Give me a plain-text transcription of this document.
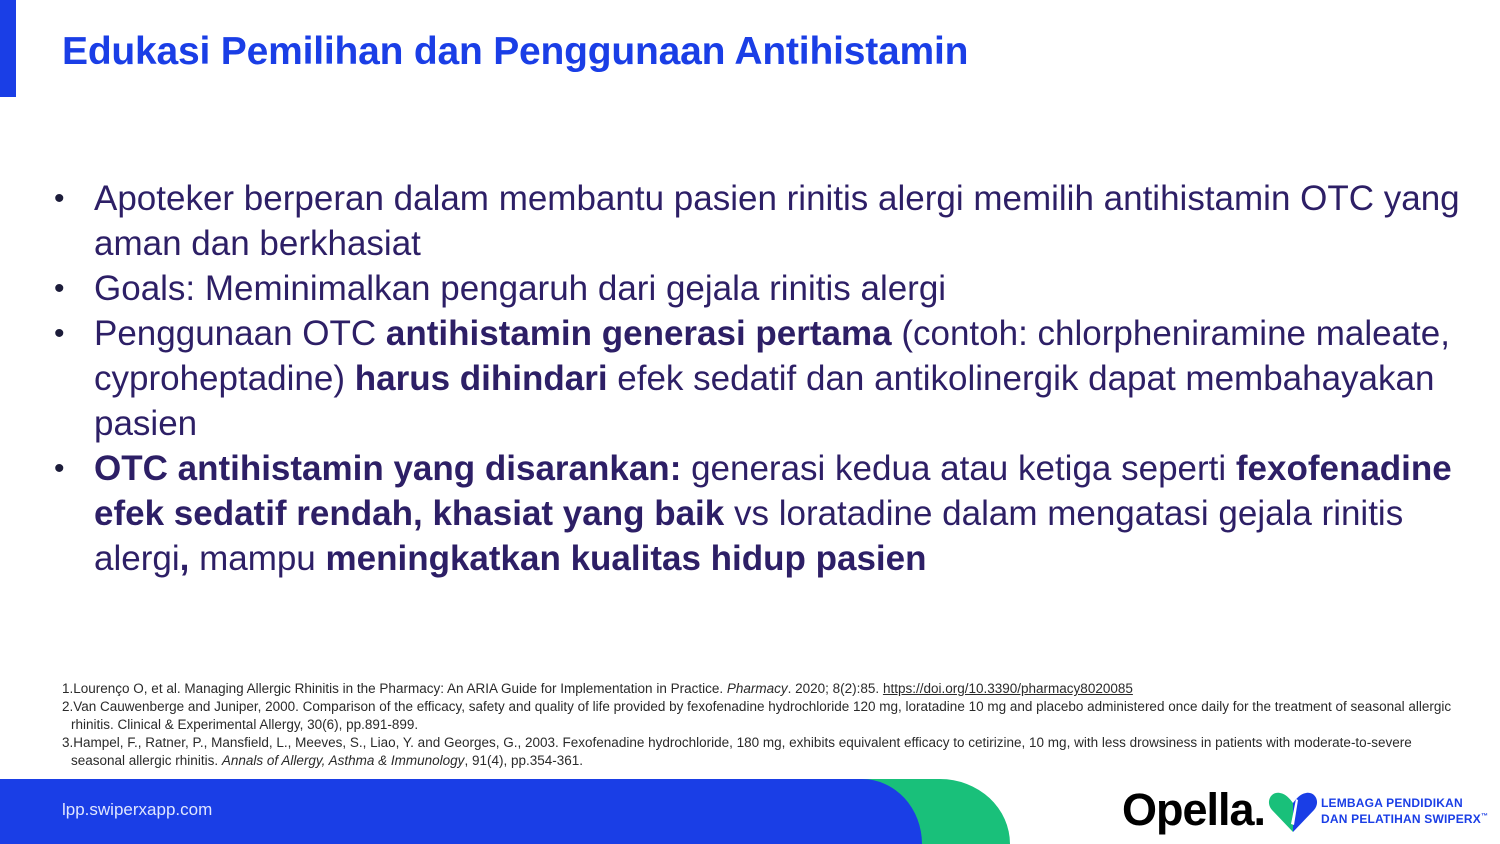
Edukasi Pemilihan dan Penggunaan Antihistamin
• Apoteker berperan dalam membantu pasien rinitis alergi memilih antihistamin OTC yang aman dan berkhasiat
• Goals: Meminimalkan pengaruh dari gejala rinitis alergi
• Penggunaan OTC antihistamin generasi pertama (contoh: chlorpheniramine maleate, cyproheptadine) harus dihindari efek sedatif dan antikolinergik dapat membahayakan pasien
• OTC antihistamin yang disarankan: generasi kedua atau ketiga seperti fexofenadine efek sedatif rendah, khasiat yang baik vs loratadine dalam mengatasi gejala rinitis alergi, mampu meningkatkan kualitas hidup pasien
1.Lourenço O, et al. Managing Allergic Rhinitis in the Pharmacy: An ARIA Guide for Implementation in Practice. Pharmacy. 2020; 8(2):85. https://doi.org/10.3390/pharmacy8020085
2.Van Cauwenberge and Juniper, 2000. Comparison of the efficacy, safety and quality of life provided by fexofenadine hydrochloride 120 mg, loratadine 10 mg and placebo administered once daily for the treatment of seasonal allergic rhinitis. Clinical & Experimental Allergy, 30(6), pp.891-899.
3.Hampel, F., Ratner, P., Mansfield, L., Meeves, S., Liao, Y. and Georges, G., 2003. Fexofenadine hydrochloride, 180 mg, exhibits equivalent efficacy to cetirizine, 10 mg, with less drowsiness in patients with moderate-to-severe seasonal allergic rhinitis. Annals of Allergy, Asthma & Immunology, 91(4), pp.354-361.
lpp.swiperxapp.com	Opella.	LEMBAGA PENDIDIKAN
DAN PELATIHAN SWIPERX™
